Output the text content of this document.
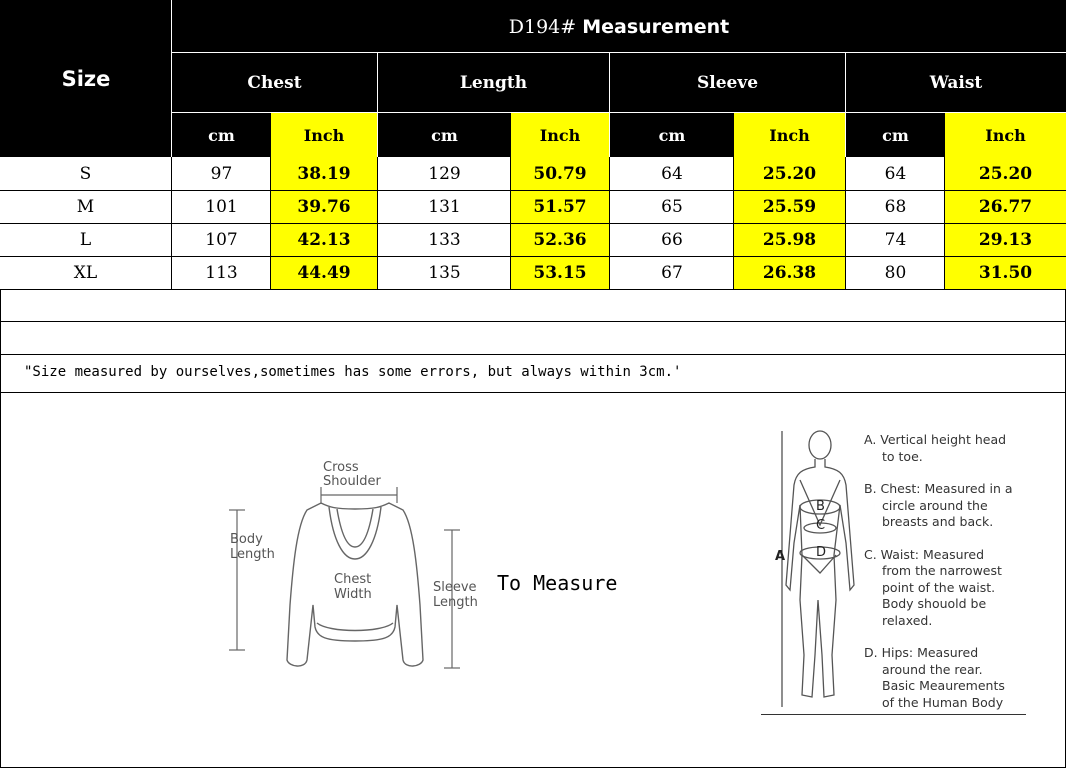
Size
D194#
Measurement
Chest	Length	Sleeve	Waist
cm	Inch	cm	Inch	cm	Inch	cm	Inch
S	97	38.19	129	50.79	64	25.20	64	25.20
M	101	39.76	131	51.57	65	25.59	68	26.77
L	107	42.13	133	52.36	66	25.98	74	29.13
XL	113	44.49	135	53.15	67	26.38	80	31.50
"Size measured by ourselves,sometimes has some errors, but always within 3cm.'
Cross
Shoulder
Body
Length
Chest
Width	Sleeve
Length
To Measure
A
B
C
D
A. Vertical height head
to toe.
B. Chest: Measured in a
circle around the
breasts and back.
C. Waist: Measured
from the narrowest
point of the waist.
Body shouold be
relaxed.
D. Hips: Measured
around the rear.
Basic Meaurements
of the Human Body
